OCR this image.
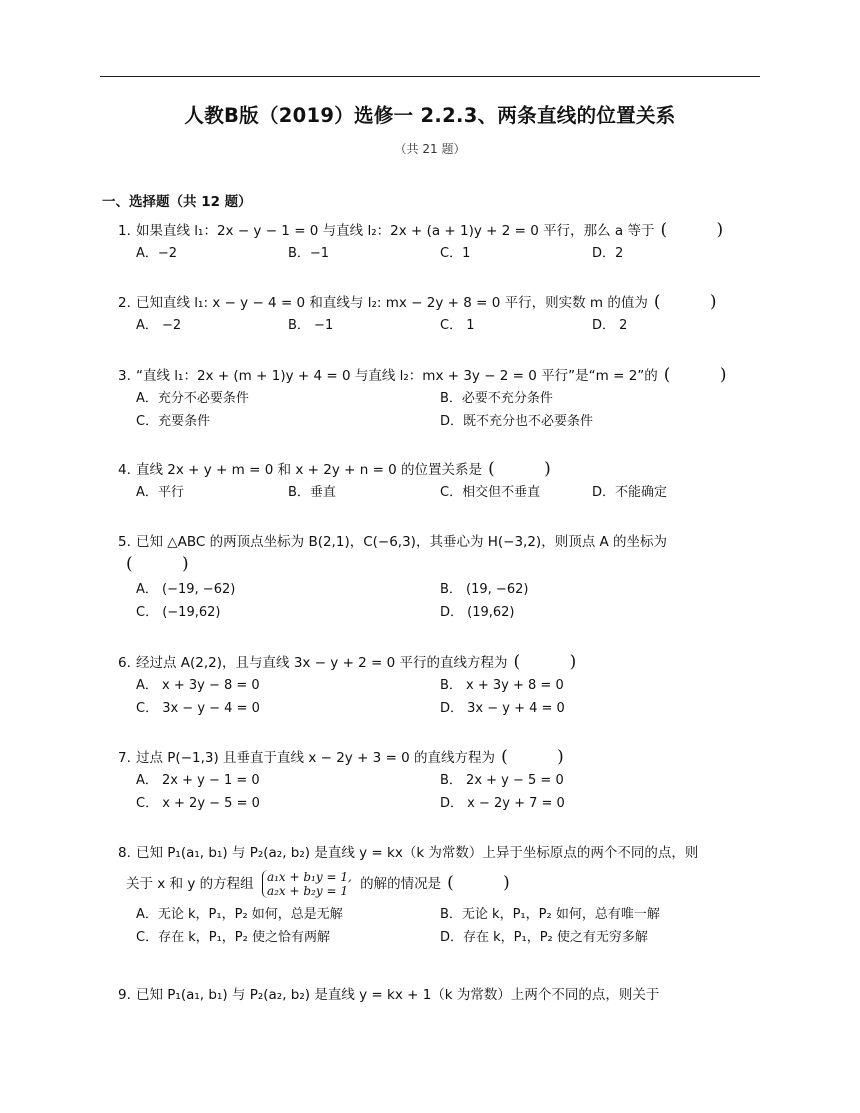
人教B版（2019）选修一 2.2.3、两条直线的位置关系
（共 21 题）
一、选择题（共 12 题）
1. 如果直线 l₁：2x − y − 1 = 0 与直线 l₂：2x + (a + 1)y + 2 = 0 平行，那么 a 等于 ( )
A．−2	B．−1	C．1	D．2
2. 已知直线 l₁: x − y − 4 = 0 和直线与 l₂: mx − 2y + 8 = 0 平行，则实数 m 的值为 ( )
A． −2	B． −1	C． 1	D． 2
3. “直线 l₁：2x + (m + 1)y + 4 = 0 与直线 l₂：mx + 3y − 2 = 0 平行”是“m = 2”的 ( )
A．充分不必要条件	B．必要不充分条件
C．充要条件	D．既不充分也不必要条件
4. 直线 2x + y + m = 0 和 x + 2y + n = 0 的位置关系是 ( )
A．平行	B．垂直	C．相交但不垂直	D．不能确定
5. 已知 △ABC 的两顶点坐标为 B(2,1)，C(−6,3)，其垂心为 H(−3,2)，则顶点 A 的坐标为
( )
A． (−19, −62)	B． (19, −62)
C． (−19,62)	D． (19,62)
6. 经过点 A(2,2)，且与直线 3x − y + 2 = 0 平行的直线方程为 ( )
A． x + 3y − 8 = 0	B． x + 3y + 8 = 0
C． 3x − y − 4 = 0	D． 3x − y + 4 = 0
7. 过点 P(−1,3) 且垂直于直线 x − 2y + 3 = 0 的直线方程为 ( )
A． 2x + y − 1 = 0	B． 2x + y − 5 = 0
C． x + 2y − 5 = 0	D． x − 2y + 7 = 0
8. 已知 P₁(a₁, b₁) 与 P₂(a₂, b₂) 是直线 y = kx（k 为常数）上异于坐标原点的两个不同的点，则
关于 x 和 y 的方程组 a₁x + b₁y = 1,
a₂x + b₂y = 1 的解的情况是 ( )
A．无论 k，P₁，P₂ 如何，总是无解	B．无论 k，P₁，P₂ 如何，总有唯一解
C．存在 k，P₁，P₂ 使之恰有两解	D．存在 k，P₁，P₂ 使之有无穷多解
9. 已知 P₁(a₁, b₁) 与 P₂(a₂, b₂) 是直线 y = kx + 1（k 为常数）上两个不同的点，则关于
